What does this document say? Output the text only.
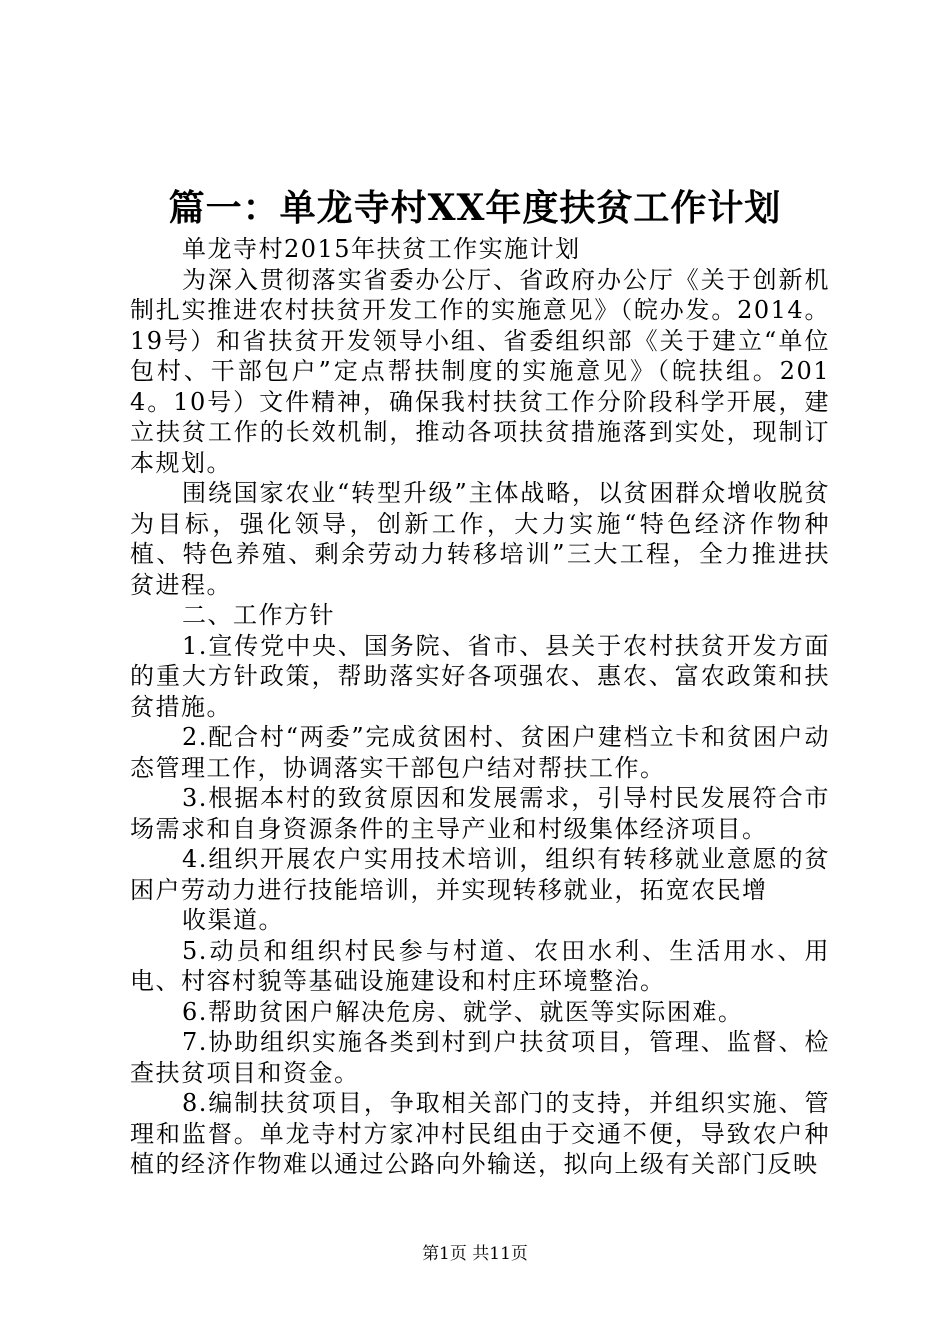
篇一：单龙寺村XX年度扶贫工作计划

单龙寺村2015年扶贫工作实施计划

为深入贯彻落实省委办公厅、省政府办公厅《关于创新机制扎实推进农村扶贫开发工作的实施意见》（皖办发。2014。19号）和省扶贫开发领导小组、省委组织部《关于建立“单位包村、干部包户”定点帮扶制度的实施意见》（皖扶组。2014。10号）文件精神，确保我村扶贫工作分阶段科学开展，建立扶贫工作的长效机制，推动各项扶贫措施落到实处，现制订本规划。

围绕国家农业“转型升级”主体战略，以贫困群众增收脱贫为目标，强化领导，创新工作，大力实施“特色经济作物种植、特色养殖、剩余劳动力转移培训”三大工程，全力推进扶贫进程。

二、工作方针

1.宣传党中央、国务院、省市、县关于农村扶贫开发方面的重大方针政策，帮助落实好各项强农、惠农、富农政策和扶贫措施。

2.配合村“两委”完成贫困村、贫困户建档立卡和贫困户动态管理工作，协调落实干部包户结对帮扶工作。

3.根据本村的致贫原因和发展需求，引导村民发展符合市场需求和自身资源条件的主导产业和村级集体经济项目。

4.组织开展农户实用技术培训，组织有转移就业意愿的贫困户劳动力进行技能培训，并实现转移就业，拓宽农民增

收渠道。

5.动员和组织村民参与村道、农田水利、生活用水、用电、村容村貌等基础设施建设和村庄环境整治。

6.帮助贫困户解决危房、就学、就医等实际困难。

7.协助组织实施各类到村到户扶贫项目，管理、监督、检查扶贫项目和资金。

8.编制扶贫项目，争取相关部门的支持，并组织实施、管理和监督。单龙寺村方家冲村民组由于交通不便，导致农户种植的经济作物难以通过公路向外输送，拟向上级有关部门反映

第1页 共11页
